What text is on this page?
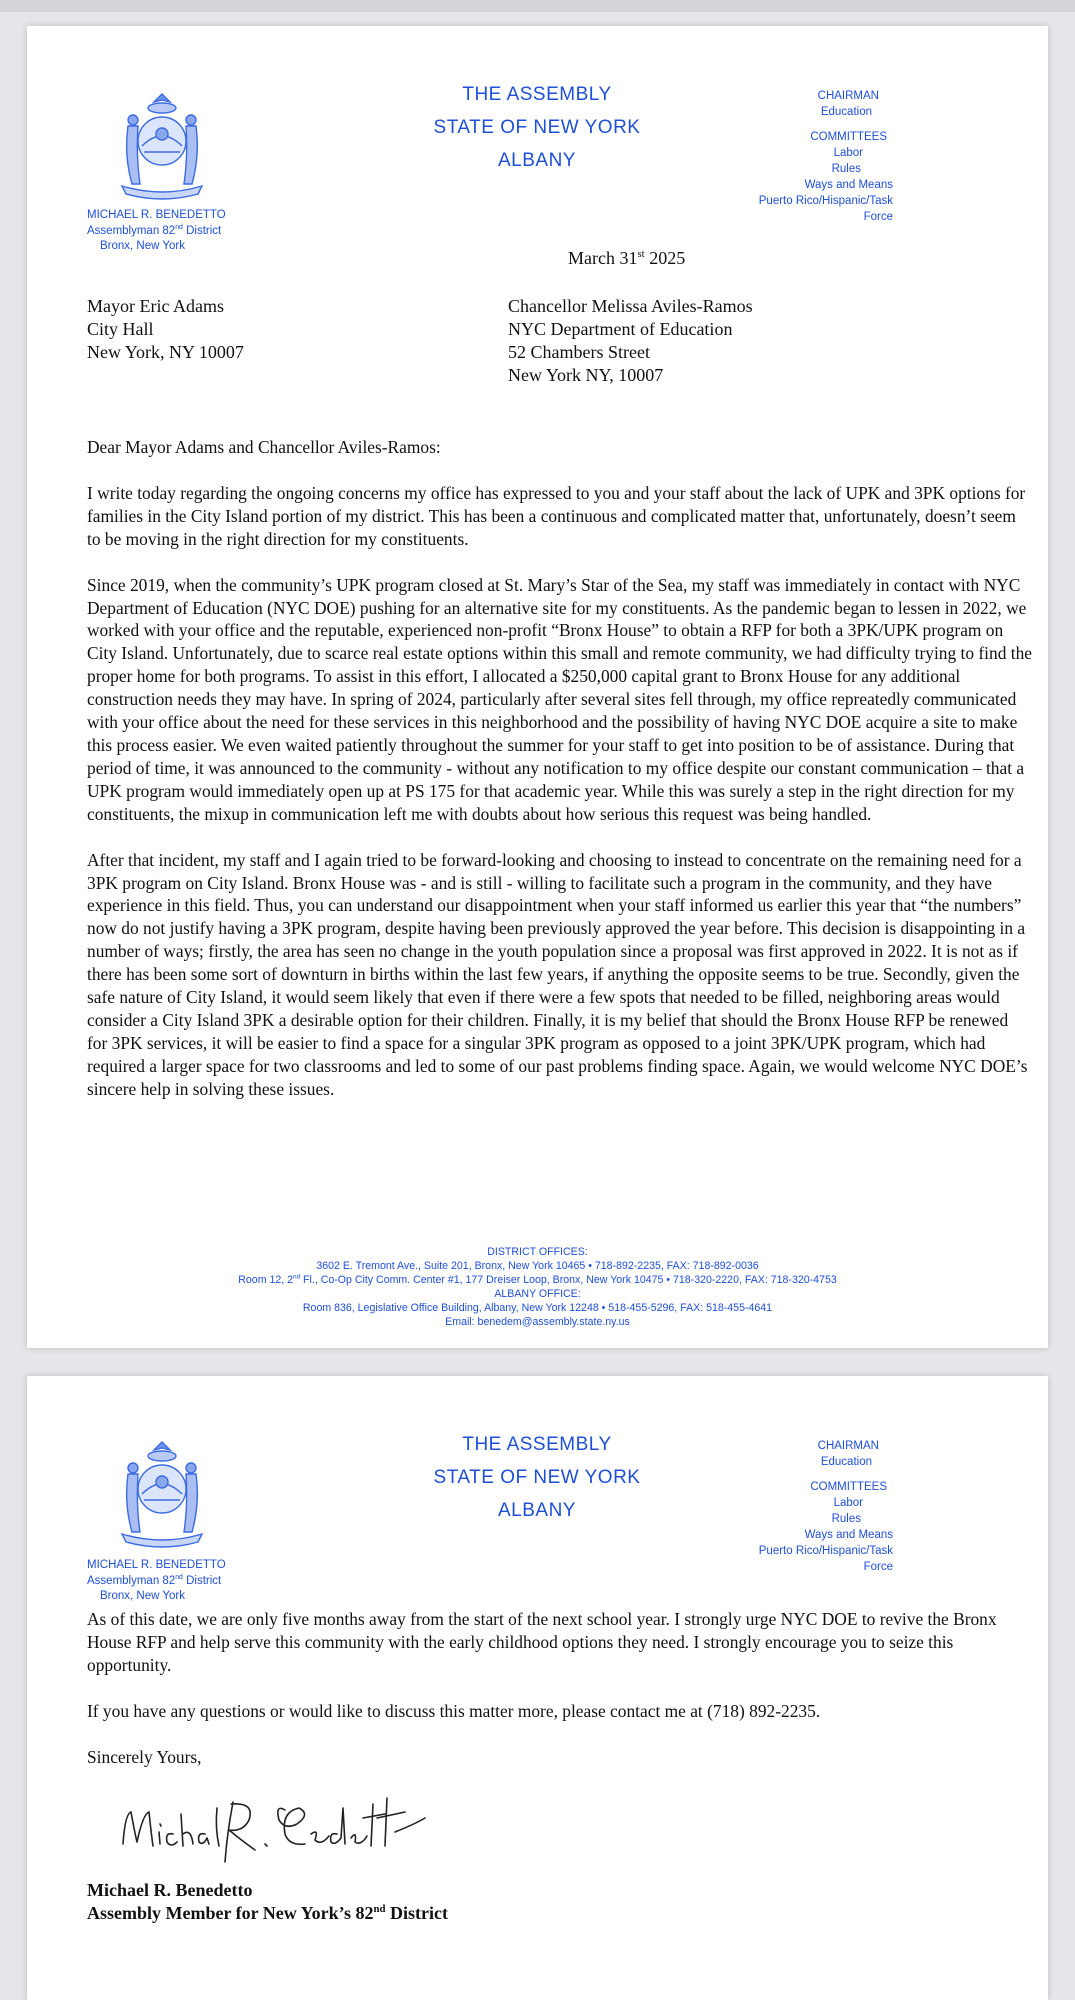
MICHAEL R. BENEDETTO
Assemblyman 82nd District
Bronx, New York
THE ASSEMBLY
STATE OF NEW YORK
ALBANY
CHAIRMAN
Education
COMMITTEES
Labor
Rules
Ways and Means
Puerto Rico/Hispanic/Task Force
March 31st 2025
Mayor Eric Adams
City Hall
New York, NY 10007
Chancellor Melissa Aviles-Ramos
NYC Department of Education
52 Chambers Street
New York NY, 10007

Dear Mayor Adams and Chancellor Aviles-Ramos:

I write today regarding the ongoing concerns my office has expressed to you and your staff about the lack of UPK and 3PK options for families in the City Island portion of my district. This has been a continuous and complicated matter that, unfortunately, doesn’t seem to be moving in the right direction for my constituents.

Since 2019, when the community’s UPK program closed at St. Mary’s Star of the Sea, my staff was immediately in contact with NYC Department of Education (NYC DOE) pushing for an alternative site for my constituents. As the pandemic began to lessen in 2022, we worked with your office and the reputable, experienced non-profit “Bronx House” to obtain a RFP for both a 3PK/UPK program on City Island. Unfortunately, due to scarce real estate options within this small and remote community, we had difficulty trying to find the proper home for both programs. To assist in this effort, I allocated a $250,000 capital grant to Bronx House for any additional construction needs they may have. In spring of 2024, particularly after several sites fell through, my office repreatedly communicated with your office about the need for these services in this neighborhood and the possibility of having NYC DOE acquire a site to make this process easier. We even waited patiently throughout the summer for your staff to get into position to be of assistance. During that period of time, it was announced to the community - without any notification to my office despite our constant communication – that a UPK program would immediately open up at PS 175 for that academic year. While this was surely a step in the right direction for my constituents, the mixup in communication left me with doubts about how serious this request was being handled.

After that incident, my staff and I again tried to be forward-looking and choosing to instead to concentrate on the remaining need for a 3PK program on City Island. Bronx House was - and is still - willing to facilitate such a program in the community, and they have experience in this field. Thus, you can understand our disappointment when your staff informed us earlier this year that “the numbers” now do not justify having a 3PK program, despite having been previously approved the year before. This decision is disappointing in a number of ways; firstly, the area has seen no change in the youth population since a proposal was first approved in 2022. It is not as if there has been some sort of downturn in births within the last few years, if anything the opposite seems to be true. Secondly, given the safe nature of City Island, it would seem likely that even if there were a few spots that needed to be filled, neighboring areas would consider a City Island 3PK a desirable option for their children. Finally, it is my belief that should the Bronx House RFP be renewed for 3PK services, it will be easier to find a space for a singular 3PK program as opposed to a joint 3PK/UPK program, which had required a larger space for two classrooms and led to some of our past problems finding space. Again, we would welcome NYC DOE’s sincere help in solving these issues.

DISTRICT OFFICES:
3602 E. Tremont Ave., Suite 201, Bronx, New York 10465 • 718-892-2235, FAX: 718-892-0036
Room 12, 2nd Fl., Co-Op City Comm. Center #1, 177 Dreiser Loop, Bronx, New York 10475 • 718-320-2220, FAX: 718-320-4753
ALBANY OFFICE:
Room 836, Legislative Office Building, Albany, New York 12248 • 518-455-5296, FAX: 518-455-4641
Email: benedem@assembly.state.ny.us
MICHAEL R. BENEDETTO
Assemblyman 82nd District
Bronx, New York
THE ASSEMBLY
STATE OF NEW YORK
ALBANY
CHAIRMAN
Education
COMMITTEES
Labor
Rules
Ways and Means
Puerto Rico/Hispanic/Task Force

As of this date, we are only five months away from the start of the next school year. I strongly urge NYC DOE to revive the Bronx House RFP and help serve this community with the early childhood options they need. I strongly encourage you to seize this opportunity.

If you have any questions or would like to discuss this matter more, please contact me at (718) 892-2235.

Sincerely Yours,

Michael R. Benedetto
Assembly Member for New York’s 82nd District
